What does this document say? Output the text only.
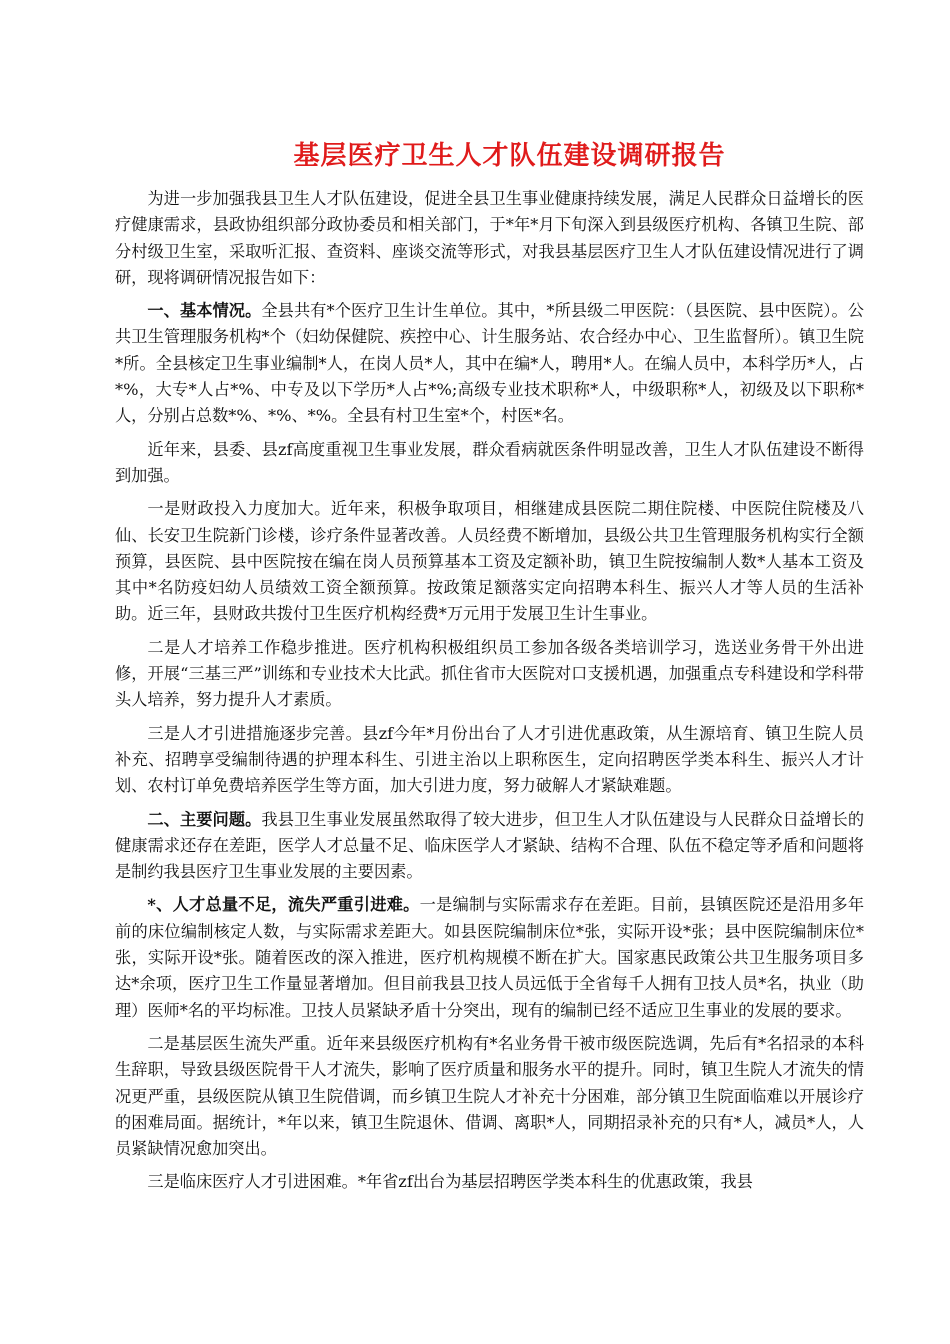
基层医疗卫生人才队伍建设调研报告

为进一步加强我县卫生人才队伍建设，促进全县卫生事业健康持续发展，满足人民群众日益增长的医疗健康需求，县政协组织部分政协委员和相关部门，于*年*月下旬深入到县级医疗机构、各镇卫生院、部分村级卫生室，采取听汇报、查资料、座谈交流等形式，对我县基层医疗卫生人才队伍建设情况进行了调研，现将调研情况报告如下：

一、基本情况。全县共有*个医疗卫生计生单位。其中，*所县级二甲医院：（县医院、县中医院）。公共卫生管理服务机构*个（妇幼保健院、疾控中心、计生服务站、农合经办中心、卫生监督所）。镇卫生院*所。全县核定卫生事业编制*人，在岗人员*人，其中在编*人，聘用*人。在编人员中，本科学历*人，占*%，大专*人占*%、中专及以下学历*人占*%;高级专业技术职称*人，中级职称*人，初级及以下职称*人，分别占总数*%、*%、*%。全县有村卫生室*个，村医*名。

近年来，县委、县zf高度重视卫生事业发展，群众看病就医条件明显改善，卫生人才队伍建设不断得到加强。

一是财政投入力度加大。近年来，积极争取项目，相继建成县医院二期住院楼、中医院住院楼及八仙、长安卫生院新门诊楼，诊疗条件显著改善。人员经费不断增加，县级公共卫生管理服务机构实行全额预算，县医院、县中医院按在编在岗人员预算基本工资及定额补助，镇卫生院按编制人数*人基本工资及其中*名防疫妇幼人员绩效工资全额预算。按政策足额落实定向招聘本科生、振兴人才等人员的生活补助。近三年，县财政共拨付卫生医疗机构经费*万元用于发展卫生计生事业。

二是人才培养工作稳步推进。医疗机构积极组织员工参加各级各类培训学习，选送业务骨干外出进修，开展“三基三严”训练和专业技术大比武。抓住省市大医院对口支援机遇，加强重点专科建设和学科带头人培养，努力提升人才素质。

三是人才引进措施逐步完善。县zf今年*月份出台了人才引进优惠政策，从生源培育、镇卫生院人员补充、招聘享受编制待遇的护理本科生、引进主治以上职称医生，定向招聘医学类本科生、振兴人才计划、农村订单免费培养医学生等方面，加大引进力度，努力破解人才紧缺难题。

二、主要问题。我县卫生事业发展虽然取得了较大进步，但卫生人才队伍建设与人民群众日益增长的健康需求还存在差距，医学人才总量不足、临床医学人才紧缺、结构不合理、队伍不稳定等矛盾和问题将是制约我县医疗卫生事业发展的主要因素。

*、人才总量不足，流失严重引进难。一是编制与实际需求存在差距。目前，县镇医院还是沿用多年前的床位编制核定人数，与实际需求差距大。如县医院编制床位*张，实际开设*张；县中医院编制床位*张，实际开设*张。随着医改的深入推进，医疗机构规模不断在扩大。国家惠民政策公共卫生服务项目多达*余项，医疗卫生工作量显著增加。但目前我县卫技人员远低于全省每千人拥有卫技人员*名，执业（助理）医师*名的平均标准。卫技人员紧缺矛盾十分突出，现有的编制已经不适应卫生事业的发展的要求。

二是基层医生流失严重。近年来县级医疗机构有*名业务骨干被市级医院选调，先后有*名招录的本科生辞职，导致县级医院骨干人才流失，影响了医疗质量和服务水平的提升。同时，镇卫生院人才流失的情况更严重，县级医院从镇卫生院借调，而乡镇卫生院人才补充十分困难，部分镇卫生院面临难以开展诊疗的困难局面。据统计，*年以来，镇卫生院退休、借调、离职*人，同期招录补充的只有*人，减员*人，人员紧缺情况愈加突出。

三是临床医疗人才引进困难。*年省zf出台为基层招聘医学类本科生的优惠政策，我县
